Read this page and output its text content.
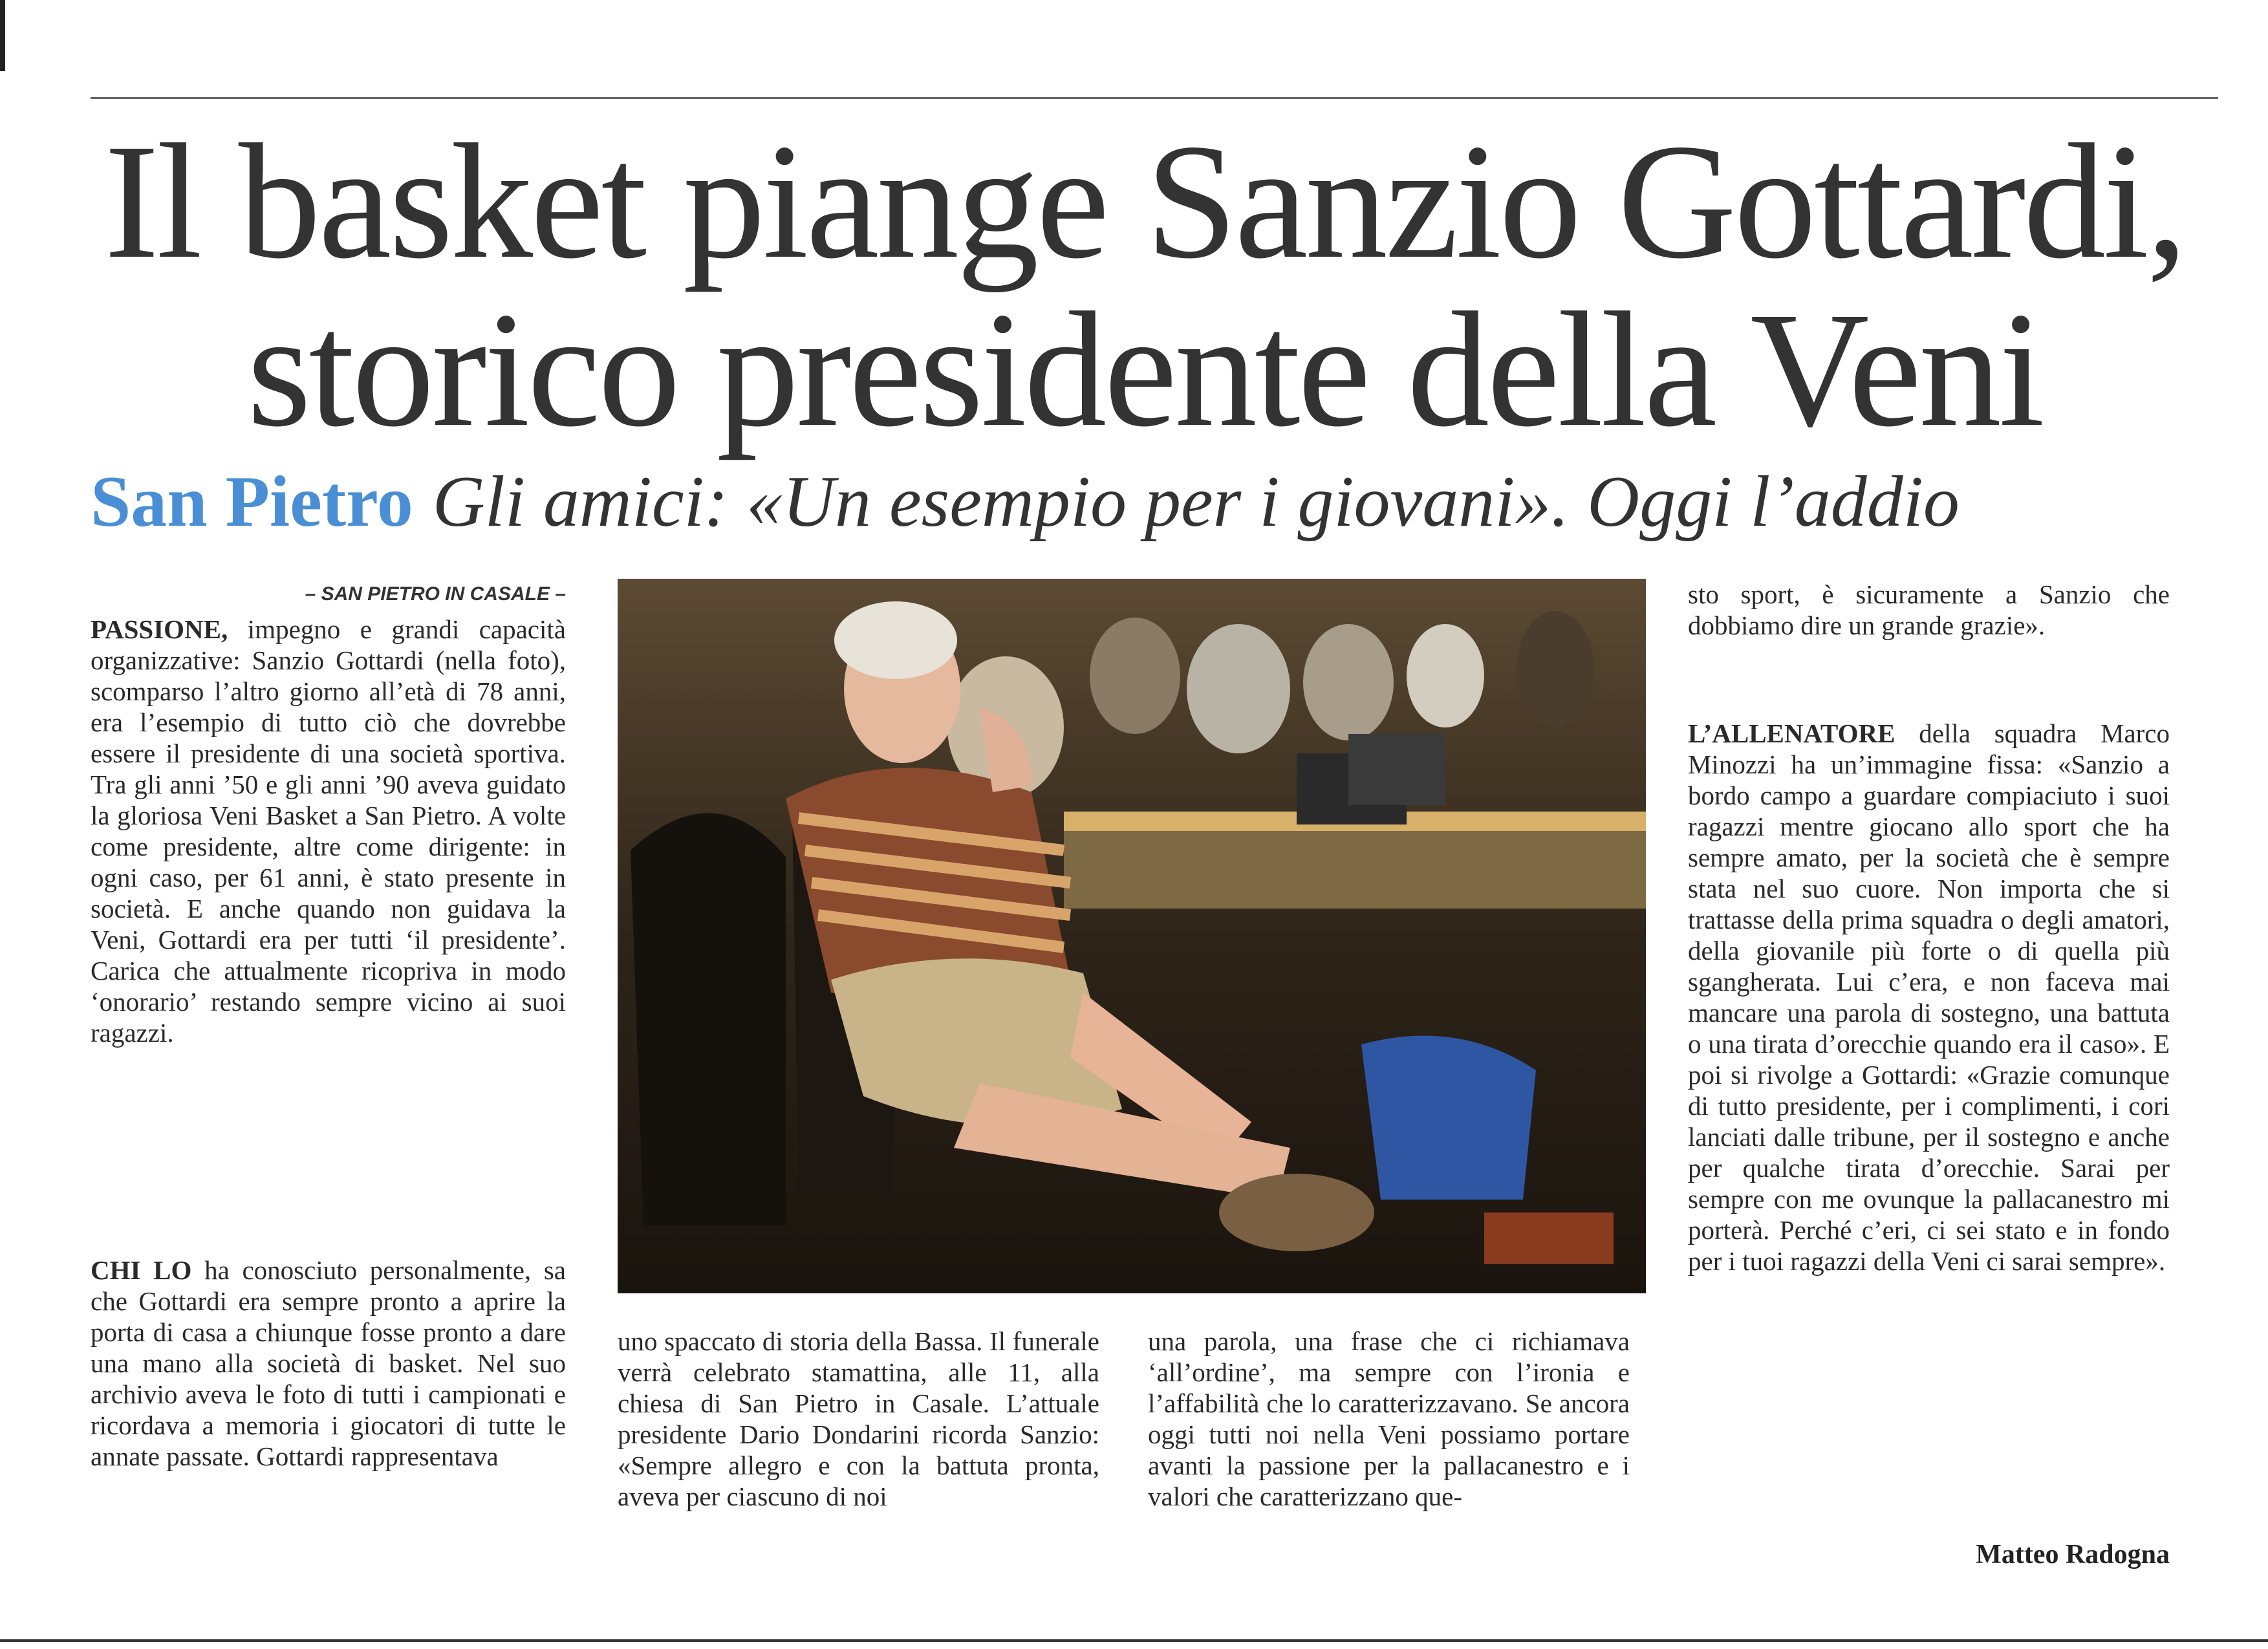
Il basket piange Sanzio Gottardi,
storico presidente della Veni
San Pietro Gli amici: «Un esempio per i giovani». Oggi l’addio
– SAN PIETRO IN CASALE –

PASSIONE, impegno e grandi capacità organizzative: Sanzio Gottardi (nella foto), scomparso l’altro giorno all’età di 78 anni, era l’esempio di tutto ciò che dovrebbe essere il presidente di una società sportiva. Tra gli anni ’50 e gli anni ’90 aveva guidato la gloriosa Veni Basket a San Pietro. A volte come presidente, altre come dirigente: in ogni caso, per 61 anni, è stato presente in società. E anche quando non guidava la Veni, Gottardi era per tutti ‘il presidente’. Carica che attualmente ricopriva in modo ‘onorario’ restando sempre vicino ai suoi ragazzi.

CHI LO ha conosciuto personalmente, sa che Gottardi era sempre pronto a aprire la porta di casa a chiunque fosse pronto a dare una mano alla società di basket. Nel suo archivio aveva le foto di tutti i campionati e ricordava a memoria i giocatori di tutte le annate passate. Gottardi rappresentava

uno spaccato di storia della Bassa. Il funerale verrà celebrato stamattina, alle 11, alla chiesa di San Pietro in Casale. L’attuale presidente Dario Dondarini ricorda Sanzio: «Sempre allegro e con la battuta pronta, aveva per ciascuno di noi

una parola, una frase che ci richiamava ‘all’ordine’, ma sempre con l’ironia e l’affabilità che lo caratterizzavano. Se ancora oggi tutti noi nella Veni possiamo portare avanti la passione per la pallacanestro e i valori che caratterizzano que-

sto sport, è sicuramente a Sanzio che dobbiamo dire un grande grazie».

L’ALLENATORE della squadra Marco Minozzi ha un’immagine fissa: «Sanzio a bordo campo a guardare compiaciuto i suoi ragazzi mentre giocano allo sport che ha sempre amato, per la società che è sempre stata nel suo cuore. Non importa che si trattasse della prima squadra o degli amatori, della giovanile più forte o di quella più sgangherata. Lui c’era, e non faceva mai mancare una parola di sostegno, una battuta o una tirata d’orecchie quando era il caso». E poi si rivolge a Gottardi: «Grazie comunque di tutto presidente, per i complimenti, i cori lanciati dalle tribune, per il sostegno e anche per qualche tirata d’orecchie. Sarai per sempre con me ovunque la pallacanestro mi porterà. Perché c’eri, ci sei stato e in fondo per i tuoi ragazzi della Veni ci sarai sempre».

Matteo Radogna
